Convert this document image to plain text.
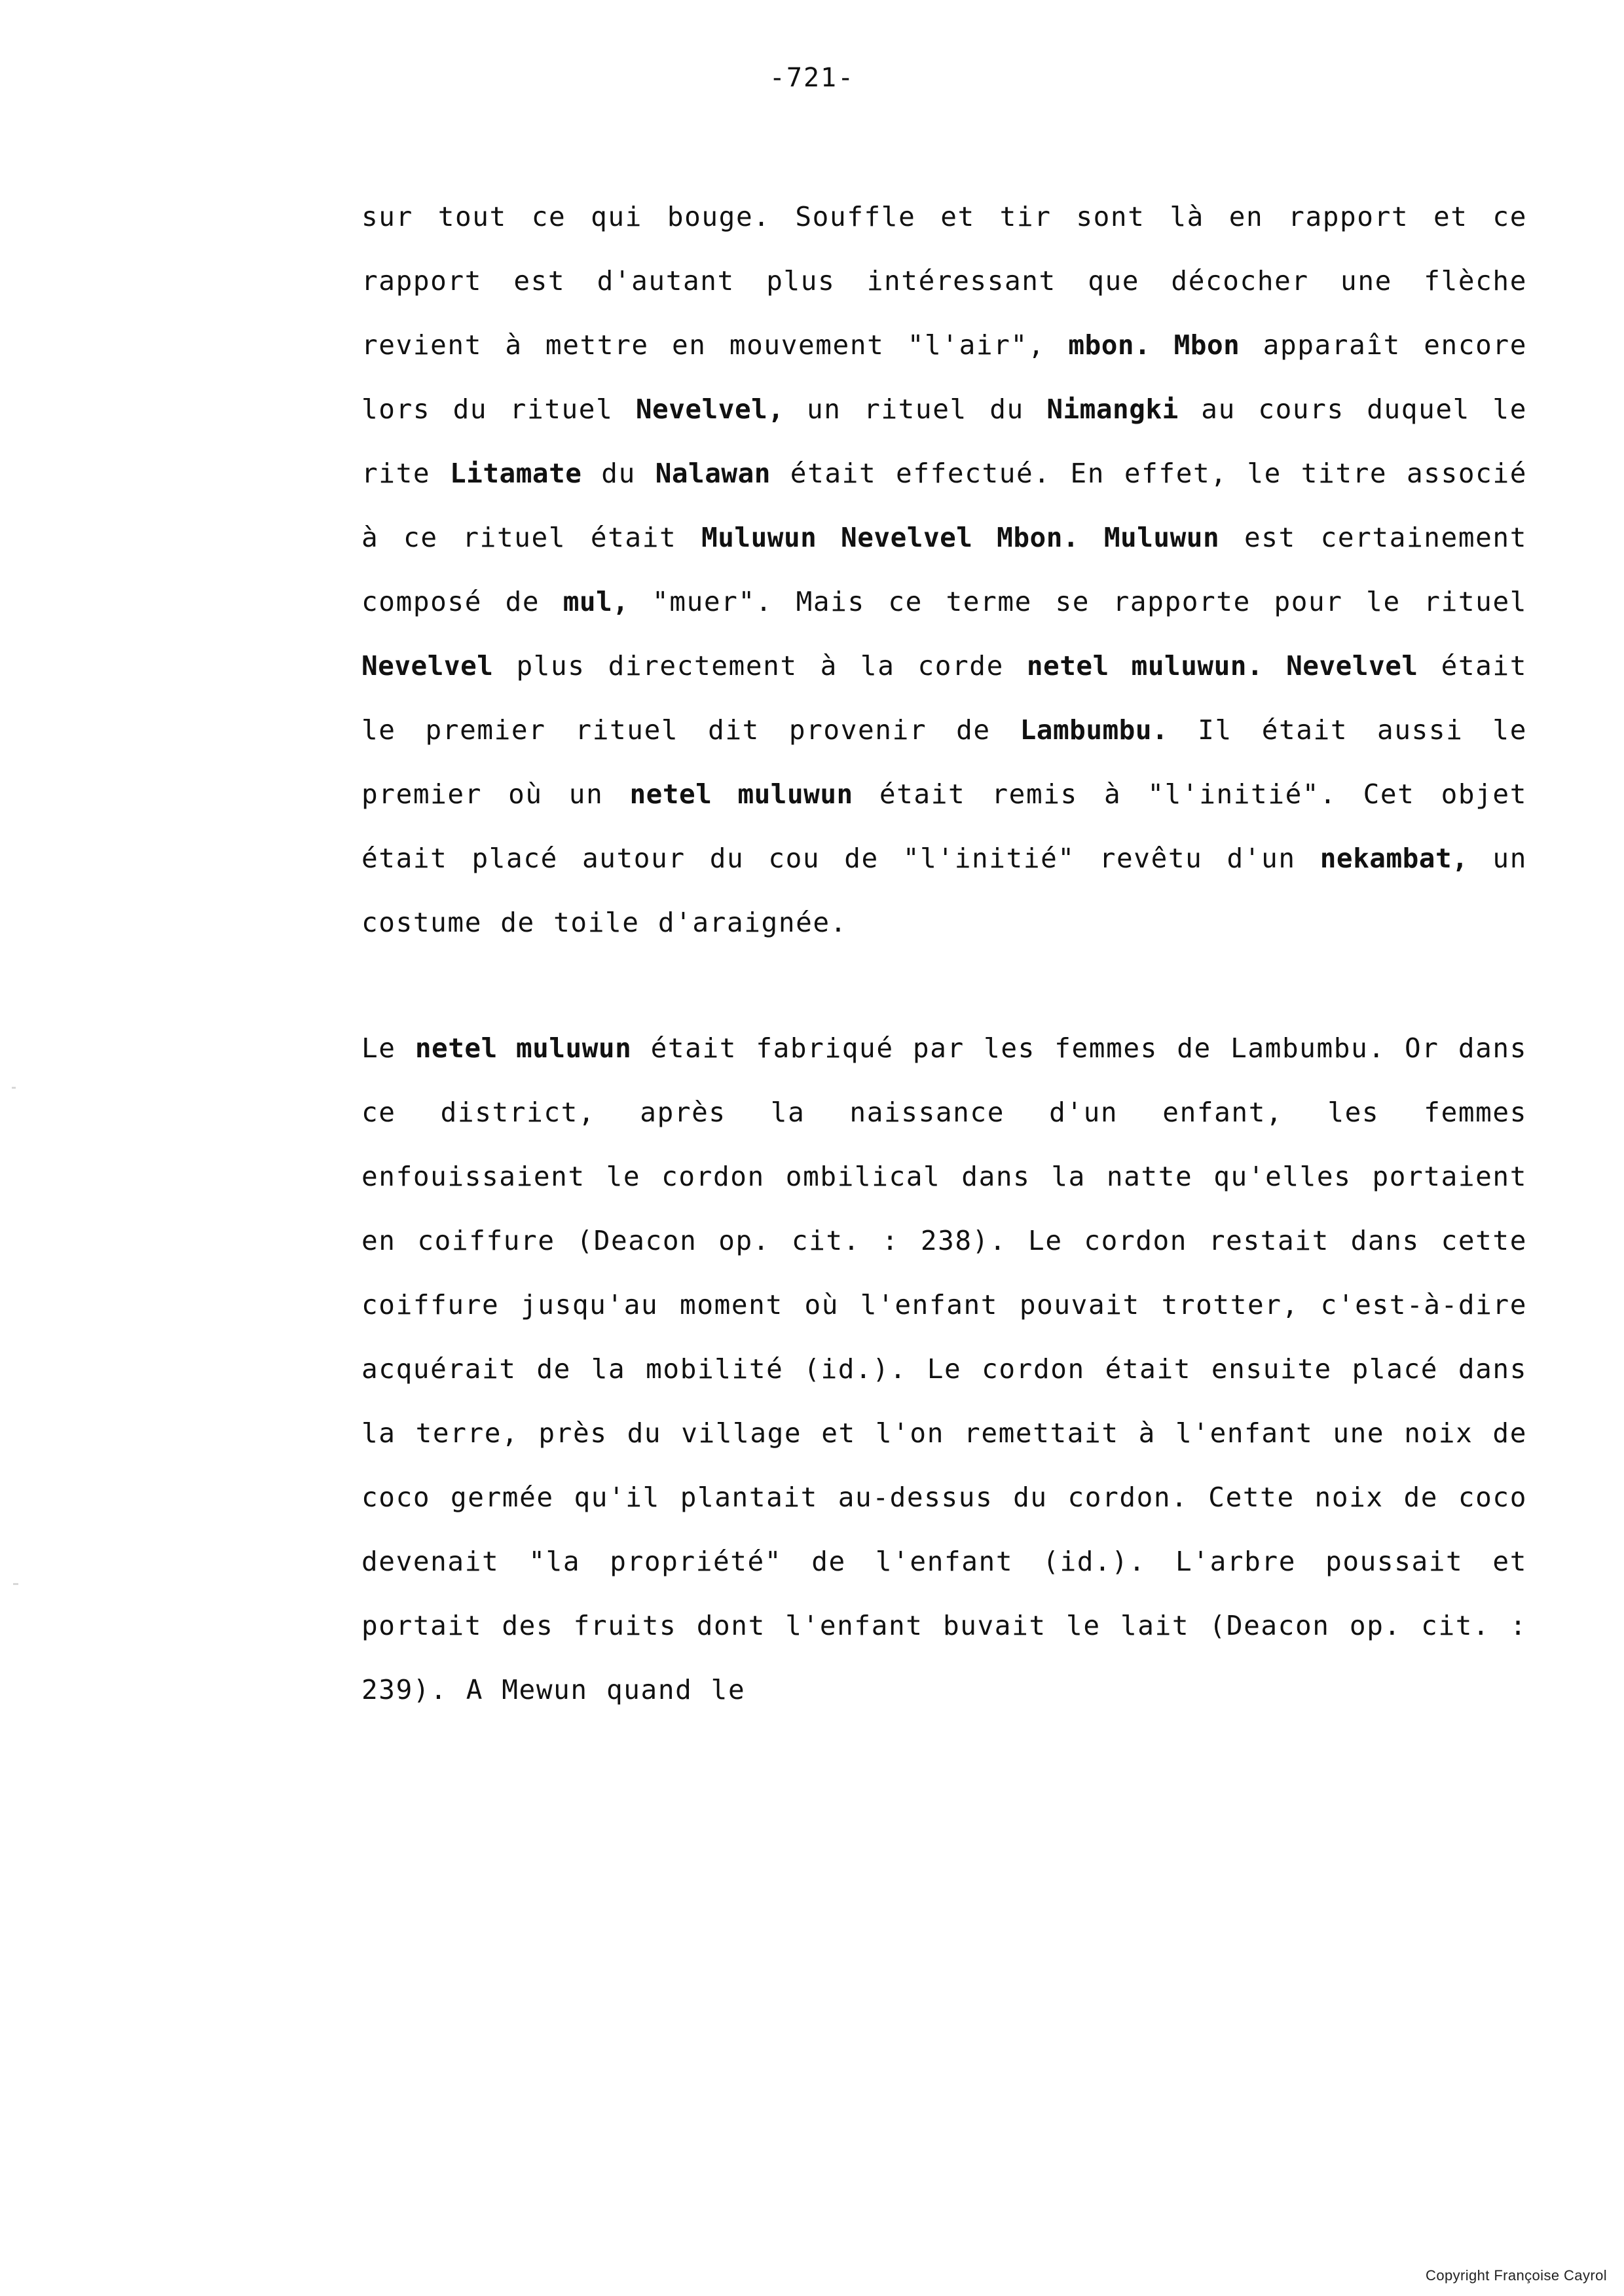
-721-

sur tout ce qui bouge. Souffle et tir sont là en rapport et ce rapport est d'autant plus intéressant que décocher une flèche revient à mettre en mouvement "l'air", mbon. Mbon apparaît encore lors du rituel Nevelvel, un rituel du Nimangki au cours duquel le rite Litamate du Nalawan était effectué. En effet, le titre associé à ce rituel était Muluwun Nevelvel Mbon. Muluwun est certainement composé de mul, "muer". Mais ce terme se rapporte pour le rituel Nevelvel plus directement à la corde netel muluwun. Nevelvel était le premier rituel dit provenir de Lambumbu. Il était aussi le premier où un netel muluwun était remis à "l'initié". Cet objet était placé autour du cou de "l'initié" revêtu d'un nekambat, un costume de toile d'araignée.

Le netel muluwun était fabriqué par les femmes de Lambumbu. Or dans ce district, après la naissance d'un enfant, les femmes enfouissaient le cordon ombilical dans la natte qu'elles portaient en coiffure (Deacon op. cit. : 238). Le cordon restait dans cette coiffure jusqu'au moment où l'enfant pouvait trotter, c'est-à-dire acquérait de la mobilité (id.). Le cordon était ensuite placé dans la terre, près du village et l'on remettait à l'enfant une noix de coco germée qu'il plantait au-dessus du cordon. Cette noix de coco devenait "la propriété" de l'enfant (id.). L'arbre poussait et portait des fruits dont l'enfant buvait le lait (Deacon op. cit. : 239). A Mewun quand le

Copyright Françoise Cayrol
